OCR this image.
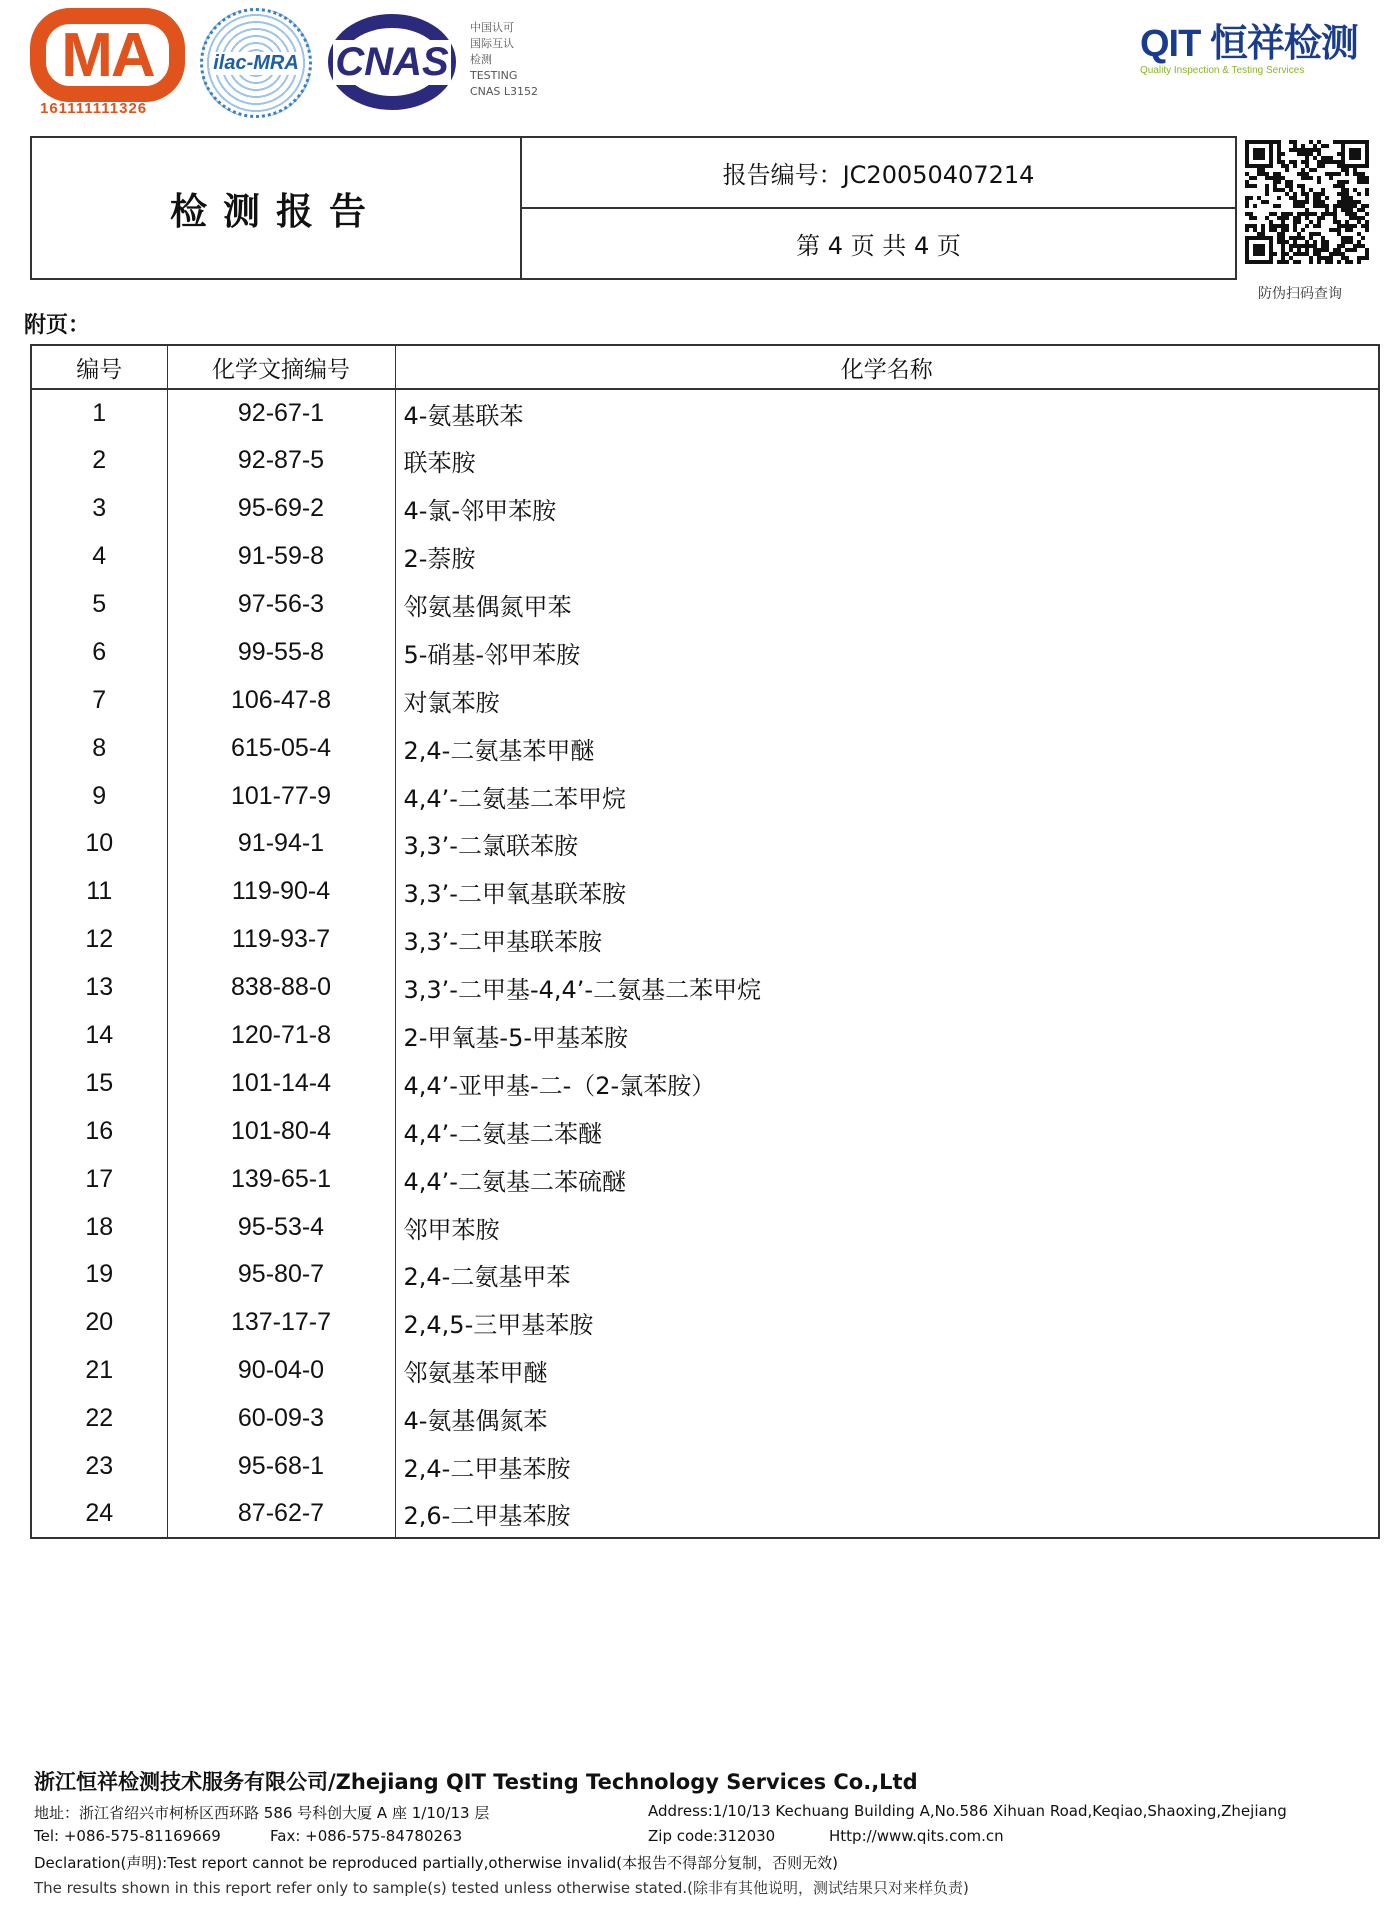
MA
161111111326
ilac-MRA CNAS
中国认可
国际互认
检测
TESTING
CNAS L3152
QIT 恒祥检测
Quality Inspection & Testing Services
检测报告
报告编号：JC20050407214
第 4 页 共 4 页
防伪扫码查询
附页：
编号	化学文摘编号	化学名称
1	92-67-1	4-氨基联苯
2	92-87-5	联苯胺
3	95-69-2	4-氯-邻甲苯胺
4	91-59-8	2-萘胺
5	97-56-3	邻氨基偶氮甲苯
6	99-55-8	5-硝基-邻甲苯胺
7	106-47-8	对氯苯胺
8	615-05-4	2,4-二氨基苯甲醚
9	101-77-9	4,4’-二氨基二苯甲烷
10	91-94-1	3,3’-二氯联苯胺
11	119-90-4	3,3’-二甲氧基联苯胺
12	119-93-7	3,3’-二甲基联苯胺
13	838-88-0	3,3’-二甲基-4,4’-二氨基二苯甲烷
14	120-71-8	2-甲氧基-5-甲基苯胺
15	101-14-4	4,4’-亚甲基-二-（2-氯苯胺）
16	101-80-4	4,4’-二氨基二苯醚
17	139-65-1	4,4’-二氨基二苯硫醚
18	95-53-4	邻甲苯胺
19	95-80-7	2,4-二氨基甲苯
20	137-17-7	2,4,5-三甲基苯胺
21	90-04-0	邻氨基苯甲醚
22	60-09-3	4-氨基偶氮苯
23	95-68-1	2,4-二甲基苯胺
24	87-62-7	2,6-二甲基苯胺
浙江恒祥检测技术服务有限公司/Zhejiang QIT Testing Technology Services Co.,Ltd
地址：浙江省绍兴市柯桥区西环路 586 号科创大厦 A 座 1/10/13 层	Address:1/10/13 Kechuang Building A,No.586 Xihuan Road,Keqiao,Shaoxing,Zhejiang
Tel: +086-575-81169669	Fax: +086-575-84780263	Zip code:312030	Http://www.qits.com.cn
Declaration(声明):Test report cannot be reproduced partially,otherwise invalid(本报告不得部分复制，否则无效)
The results shown in this report refer only to sample(s) tested unless otherwise stated.(除非有其他说明，测试结果只对来样负责)
